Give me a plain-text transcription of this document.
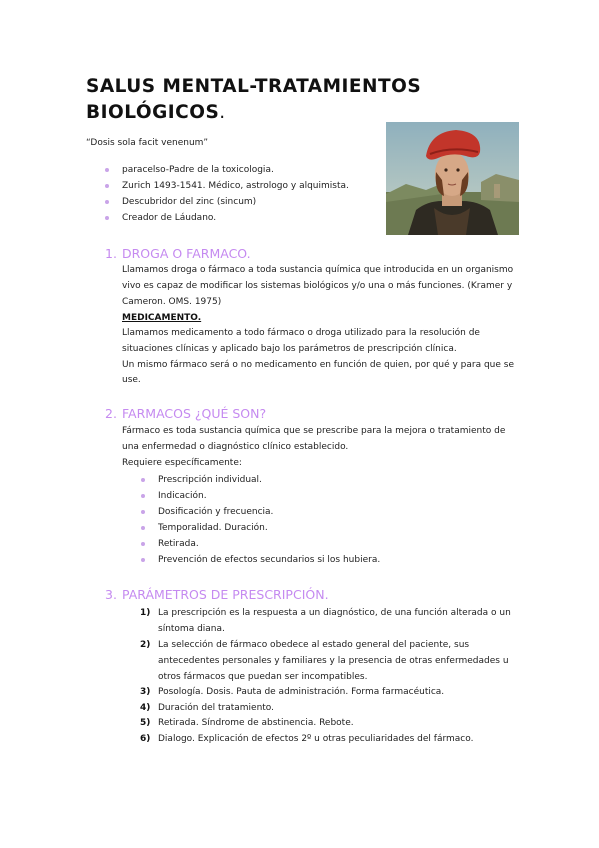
SALUS MENTAL-TRATAMIENTOS
BIOLÓGICOS.
“Dosis sola facit venenum”
paracelso-Padre de la toxicologia.
Zurich 1493-1541. Médico, astrologo y alquimista.
Descubridor del zinc (sincum)
Creador de Láudano.
1. DROGA O FARMACO.
Llamamos droga o fármaco a toda sustancia química que introducida en un organismo
vivo es capaz de modificar los sistemas biológicos y/o una o más funciones. (Kramer y
Cameron. OMS. 1975)
MEDICAMENTO.
Llamamos medicamento a todo fármaco o droga utilizado para la resolución de
situaciones clínicas y aplicado bajo los parámetros de prescripción clínica.
Un mismo fármaco será o no medicamento en función de quien, por qué y para que se
use.
2. FARMACOS ¿QUÉ SON?
Fármaco es toda sustancia química que se prescribe para la mejora o tratamiento de
una enfermedad o diagnóstico clínico establecido.
Requiere específicamente:
Prescripción individual.
Indicación.
Dosificación y frecuencia.
Temporalidad. Duración.
Retirada.
Prevención de efectos secundarios si los hubiera.
3. PARÁMETROS DE PRESCRIPCIÓN.
1) La prescripción es la respuesta a un diagnóstico, de una función alterada o un
síntoma diana.
2) La selección de fármaco obedece al estado general del paciente, sus
antecedentes personales y familiares y la presencia de otras enfermedades u
otros fármacos que puedan ser incompatibles.
3) Posología. Dosis. Pauta de administración. Forma farmacéutica.
4) Duración del tratamiento.
5) Retirada. Síndrome de abstinencia. Rebote.
6) Dialogo. Explicación de efectos 2º u otras peculiaridades del fármaco.
